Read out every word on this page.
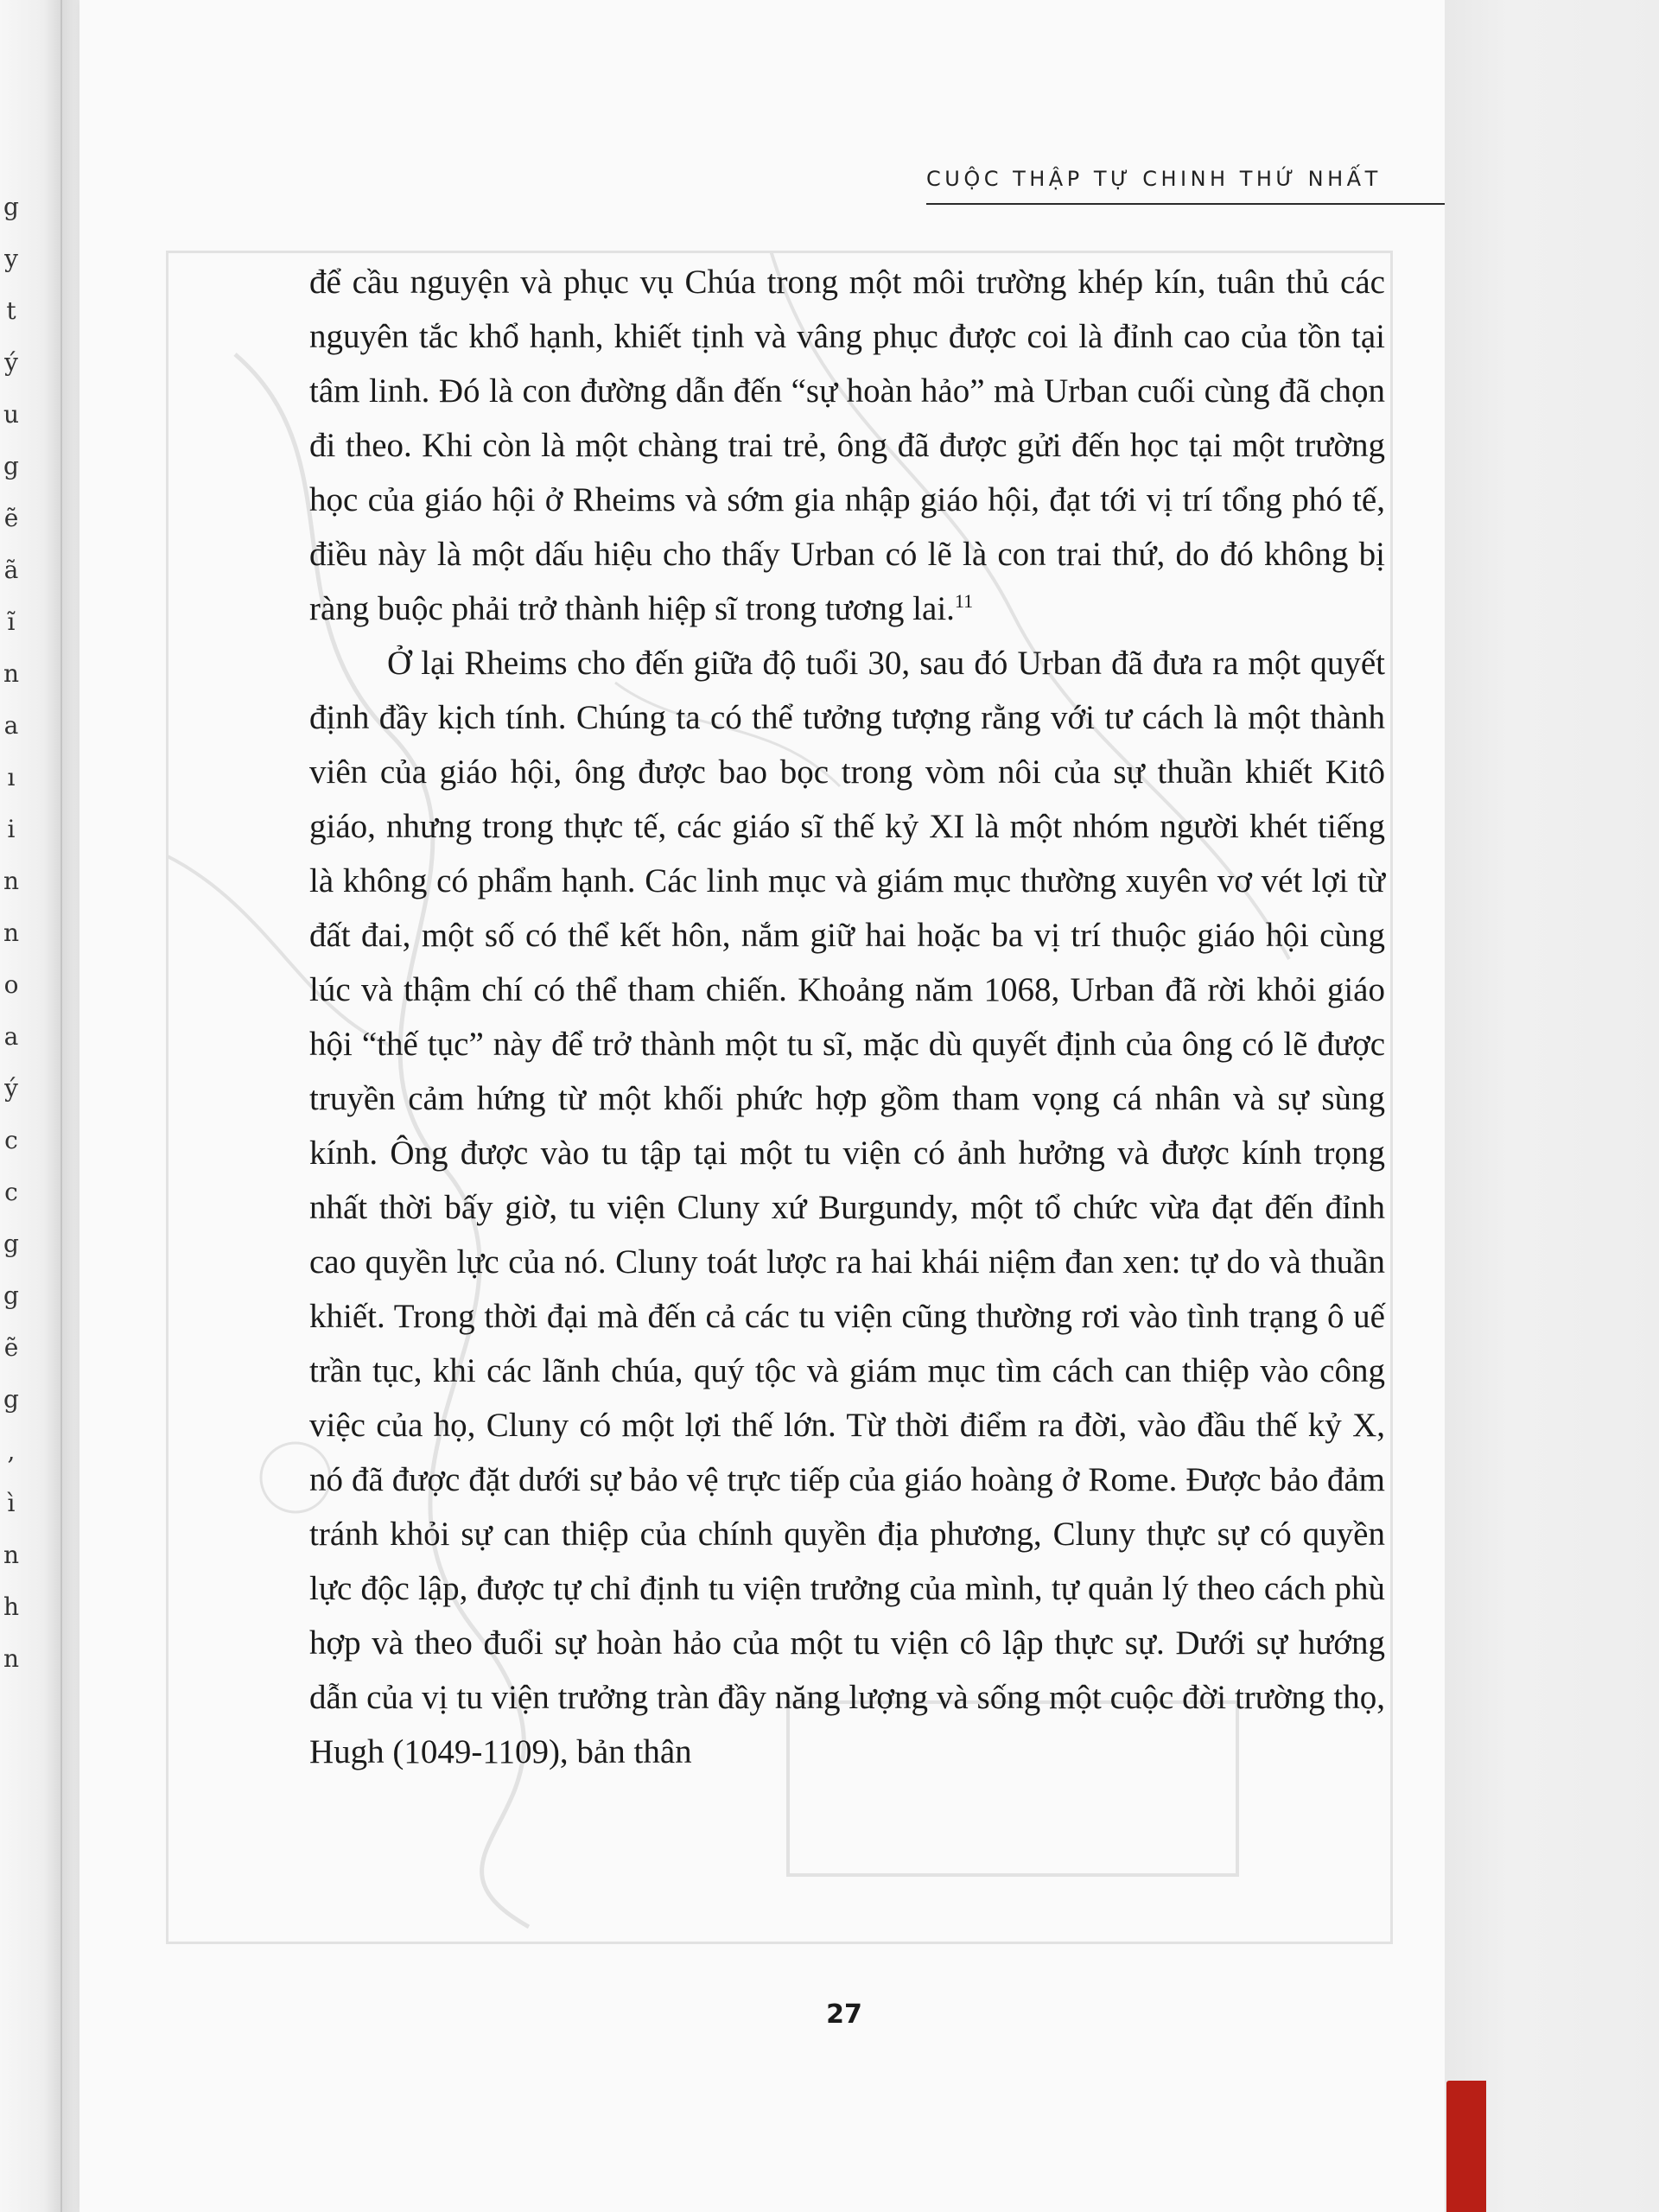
g
y
t
ý
u
g
ẽ
ã
ĩ
n
a
ı
i
n
n
o
a
ý
c
c
g
g
ẽ
g
,
ì
n
h
n
CUỘC THẬP TỰ CHINH THỨ NHẤT

để cầu nguyện và phục vụ Chúa trong một môi trường khép kín, tuân thủ các nguyên tắc khổ hạnh, khiết tịnh và vâng phục được coi là đỉnh cao của tồn tại tâm linh. Đó là con đường dẫn đến “sự hoàn hảo” mà Urban cuối cùng đã chọn đi theo. Khi còn là một chàng trai trẻ, ông đã được gửi đến học tại một trường học của giáo hội ở Rheims và sớm gia nhập giáo hội, đạt tới vị trí tổng phó tế, điều này là một dấu hiệu cho thấy Urban có lẽ là con trai thứ, do đó không bị ràng buộc phải trở thành hiệp sĩ trong tương lai.$^{11}$

Ở lại Rheims cho đến giữa độ tuổi 30, sau đó Urban đã đưa ra một quyết định đầy kịch tính. Chúng ta có thể tưởng tượng rằng với tư cách là một thành viên của giáo hội, ông được bao bọc trong vòm nôi của sự thuần khiết Kitô giáo, nhưng trong thực tế, các giáo sĩ thế kỷ XI là một nhóm người khét tiếng là không có phẩm hạnh. Các linh mục và giám mục thường xuyên vơ vét lợi từ đất đai, một số có thể kết hôn, nắm giữ hai hoặc ba vị trí thuộc giáo hội cùng lúc và thậm chí có thể tham chiến. Khoảng năm 1068, Urban đã rời khỏi giáo hội “thế tục” này để trở thành một tu sĩ, mặc dù quyết định của ông có lẽ được truyền cảm hứng từ một khối phức hợp gồm tham vọng cá nhân và sự sùng kính. Ông được vào tu tập tại một tu viện có ảnh hưởng và được kính trọng nhất thời bấy giờ, tu viện Cluny xứ Burgundy, một tổ chức vừa đạt đến đỉnh cao quyền lực của nó. Cluny toát lược ra hai khái niệm đan xen: tự do và thuần khiết. Trong thời đại mà đến cả các tu viện cũng thường rơi vào tình trạng ô uế trần tục, khi các lãnh chúa, quý tộc và giám mục tìm cách can thiệp vào công việc của họ, Cluny có một lợi thế lớn. Từ thời điểm ra đời, vào đầu thế kỷ X, nó đã được đặt dưới sự bảo vệ trực tiếp của giáo hoàng ở Rome. Được bảo đảm tránh khỏi sự can thiệp của chính quyền địa phương, Cluny thực sự có quyền lực độc lập, được tự chỉ định tu viện trưởng của mình, tự quản lý theo cách phù hợp và theo đuổi sự hoàn hảo của một tu viện cô lập thực sự. Dưới sự hướng dẫn của vị tu viện trưởng tràn đầy năng lượng và sống một cuộc đời trường thọ, Hugh (1049-1109), bản thân

27
